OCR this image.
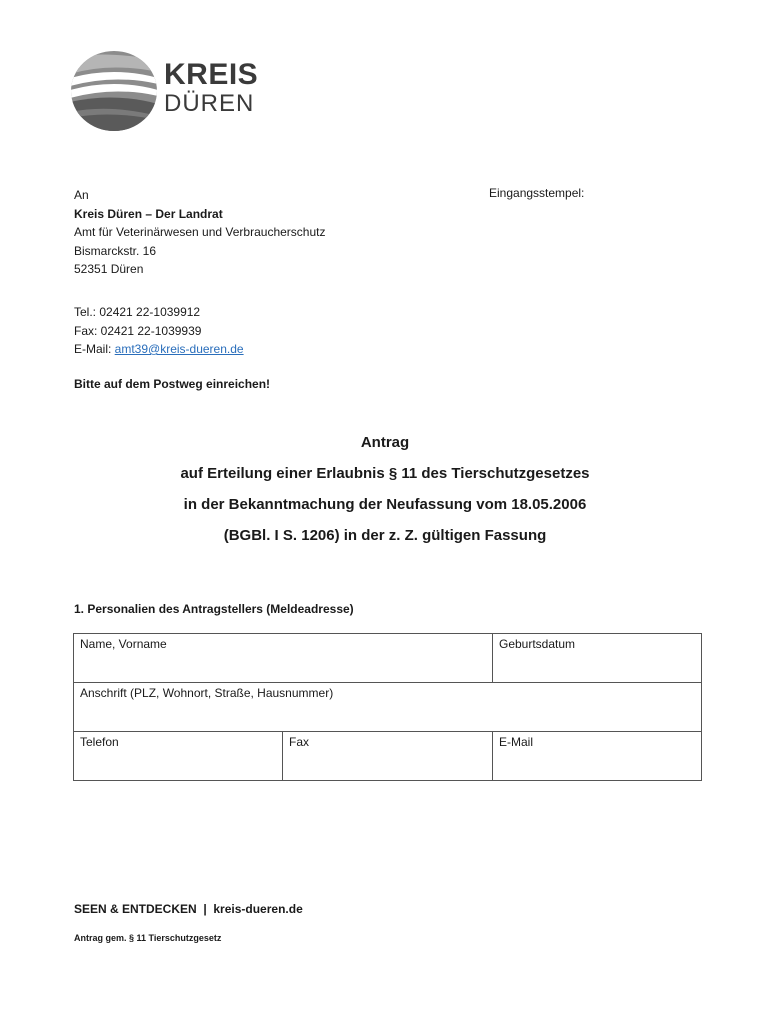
KREIS
DÜREN
An
Kreis Düren – Der Landrat
Amt für Veterinärwesen und Verbraucherschutz
Bismarckstr. 16
52351 Düren
Eingangsstempel:
Tel.: 02421 22-1039912
Fax: 02421 22-1039939
E-Mail: amt39@kreis-dueren.de
Bitte auf dem Postweg einreichen!
Antrag
auf Erteilung einer Erlaubnis § 11 des Tierschutzgesetzes
in der Bekanntmachung der Neufassung vom 18.05.2006
(BGBl. I S. 1206) in der z. Z. gültigen Fassung
1. Personalien des Antragstellers (Meldeadresse)
Name, Vorname		Geburtsdatum
Anschrift (PLZ, Wohnort, Straße, Hausnummer)		
Telefon	Fax	E-Mail
SEEN & ENTDECKEN  |  kreis-dueren.de
Antrag gem. § 11 Tierschutzgesetz
